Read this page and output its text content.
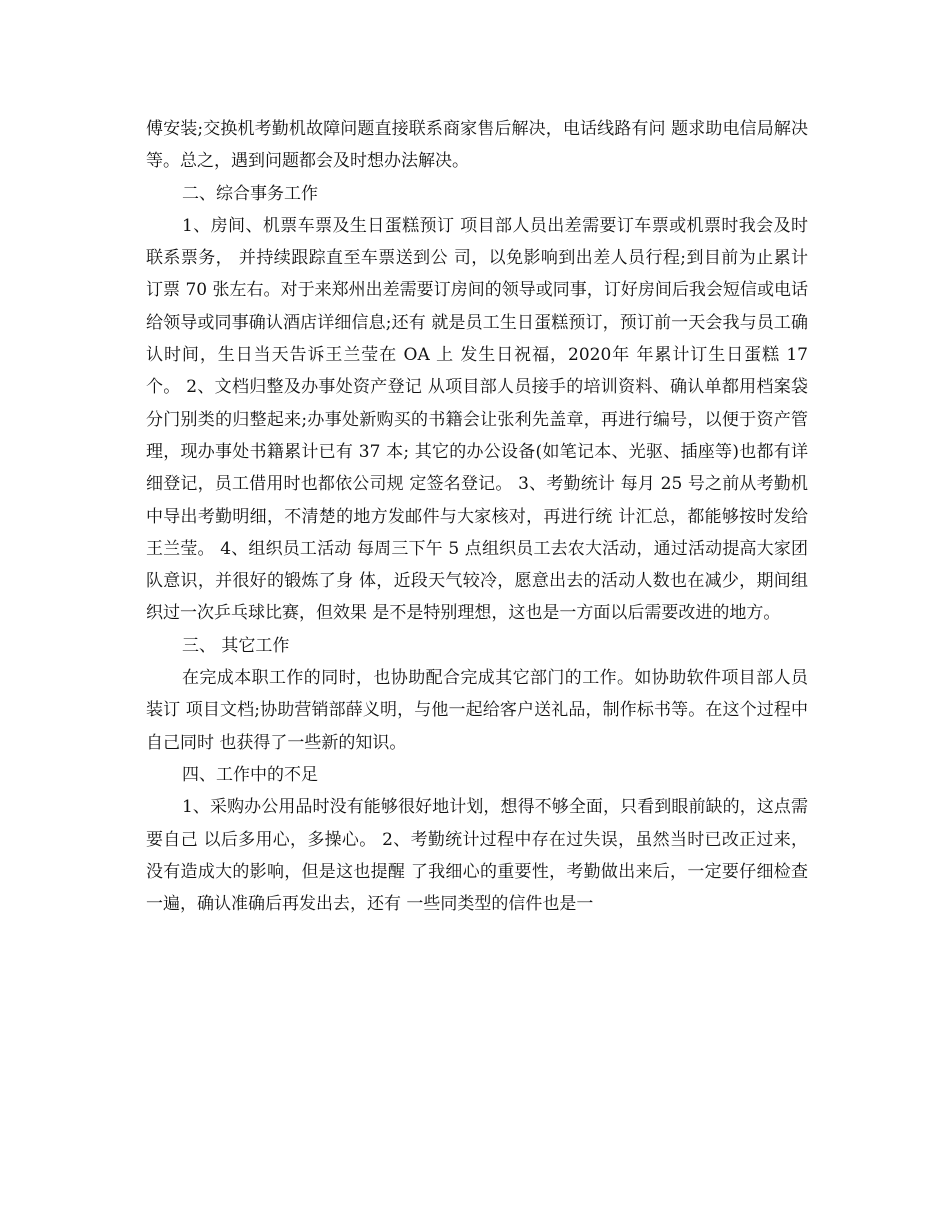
傅安装;交换机考勤机故障问题直接联系商家售后解决，电话线路有问 题求助电信局解决等。总之，遇到问题都会及时想办法解决。

二、综合事务工作

1、房间、机票车票及生日蛋糕预订 项目部人员出差需要订车票或机票时我会及时联系票务， 并持续跟踪直至车票送到公 司，以免影响到出差人员行程;到目前为止累计订票 70 张左右。对于来郑州出差需要订房间的领导或同事，订好房间后我会短信或电话给领导或同事确认酒店详细信息;还有 就是员工生日蛋糕预订，预订前一天会我与员工确认时间，生日当天告诉王兰莹在 OA 上 发生日祝福，2020年 年累计订生日蛋糕 17 个。 2、文档归整及办事处资产登记 从项目部人员接手的培训资料、确认单都用档案袋分门别类的归整起来;办事处新购买的书籍会让张利先盖章，再进行编号，以便于资产管理，现办事处书籍累计已有 37 本; 其它的办公设备(如笔记本、光驱、插座等)也都有详细登记，员工借用时也都依公司规 定签名登记。 3、考勤统计 每月 25 号之前从考勤机中导出考勤明细，不清楚的地方发邮件与大家核对，再进行统 计汇总，都能够按时发给王兰莹。 4、组织员工活动 每周三下午 5 点组织员工去农大活动，通过活动提高大家团队意识，并很好的锻炼了身 体，近段天气较冷，愿意出去的活动人数也在减少，期间组织过一次乒乓球比赛，但效果 是不是特别理想，这也是一方面以后需要改进的地方。

三、 其它工作

在完成本职工作的同时，也协助配合完成其它部门的工作。如协助软件项目部人员装订 项目文档;协助营销部薛义明，与他一起给客户送礼品，制作标书等。在这个过程中自己同时 也获得了一些新的知识。

四、工作中的不足

1、采购办公用品时没有能够很好地计划，想得不够全面，只看到眼前缺的，这点需要自己 以后多用心，多操心。 2、考勤统计过程中存在过失误，虽然当时已改正过来，没有造成大的影响，但是这也提醒 了我细心的重要性，考勤做出来后，一定要仔细检查一遍，确认准确后再发出去，还有 一些同类型的信件也是一
